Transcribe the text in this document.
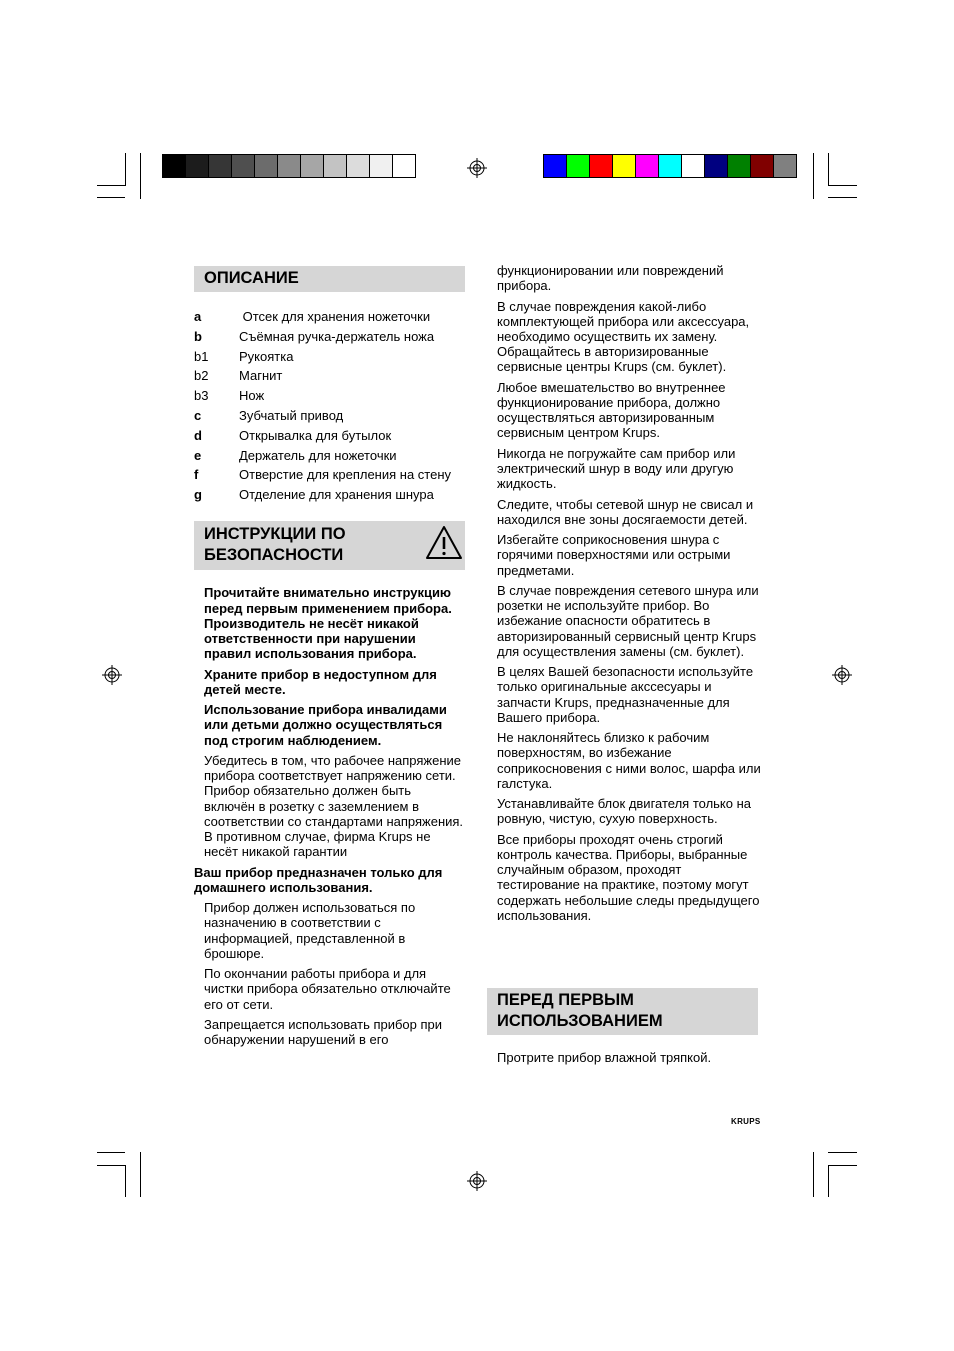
ОПИСАНИЕ
a	Отсек для хранения ножеточки
b	Съёмная ручка-держатель ножа
b1	Рукоятка
b2	Магнит
b3	Нож
c	Зубчатый привод
d	Открывалка для бутылок
e	Держатель для ножеточки
f	Отверстие для крепления на стену
g	Отделение для хранения шнура
ИНСТРУКЦИИ ПО
БЕЗОПАСНОСТИ

Прочитайте внимательно инструкцию перед первым применением прибора. Производитель не несёт никакой ответственности при нарушении правил использования прибора.

Храните прибор в недоступном для детей месте.

Использование прибора инвалидами или детьми должно осуществляться под строгим наблюдением.

Убедитесь в том, что рабочее напряжение прибора соответствует напряжению сети. Прибор обязательно должен быть включён в розетку с заземлением в соответствии со стандартами напряжения. В противном случае, фирма Krups не несёт никакой гарантии

Ваш прибор предназначен только для домашнего использования.

Прибор должен использоваться по назначению в соответствии с информацией, представленной в брошюре.

По окончании работы прибора и для чистки прибора обязательно отключайте его от сети.

Запрещается использовать прибор при обнаружении нарушений в его

функционировании или повреждений прибора.

В случае повреждения какой-либо комплектующей прибора или аксессуара, необходимо осуществить их замену. Обращайтесь в авторизированные сервисные центры Krups (см. буклет).

Любое вмешательство во внутреннее функционирование прибора, должно осуществляться авторизированным сервисным центром Krups.

Никогда не погружайте сам прибор или электрический шнур в воду или другую жидкость.

Следите, чтобы сетевой шнур не свисал и находился вне зоны досягаемости детей.

Избегайте соприкосновения шнура с горячими поверхностями или острыми предметами.

В случае повреждения сетевого шнура или розетки не используйте прибор. Во избежание опасности обратитесь в авторизированный сервисный центр Krups для осуществления замены (см. буклет).

В целях Вашей безопасности используйте только оригинальные акссесуары и запчасти Krups, предназначенные для Вашего прибора.

Не наклоняйтесь близко к рабочим поверхностям, во избежание соприкосновения с ними волос, шарфа или галстука.

Устанавливайте блок двигателя только на ровную, чистую, сухую поверхность.

Все приборы проходят очень строгий контроль качества. Приборы, выбранные случайным образом, проходят тестирование на практике, поэтому могут содержать небольшие следы предыдущего использования.

ПЕРЕД ПЕРВЫМ
ИСПОЛЬЗОВАНИЕМ

Протрите прибор влажной тряпкой.

KRUPS
